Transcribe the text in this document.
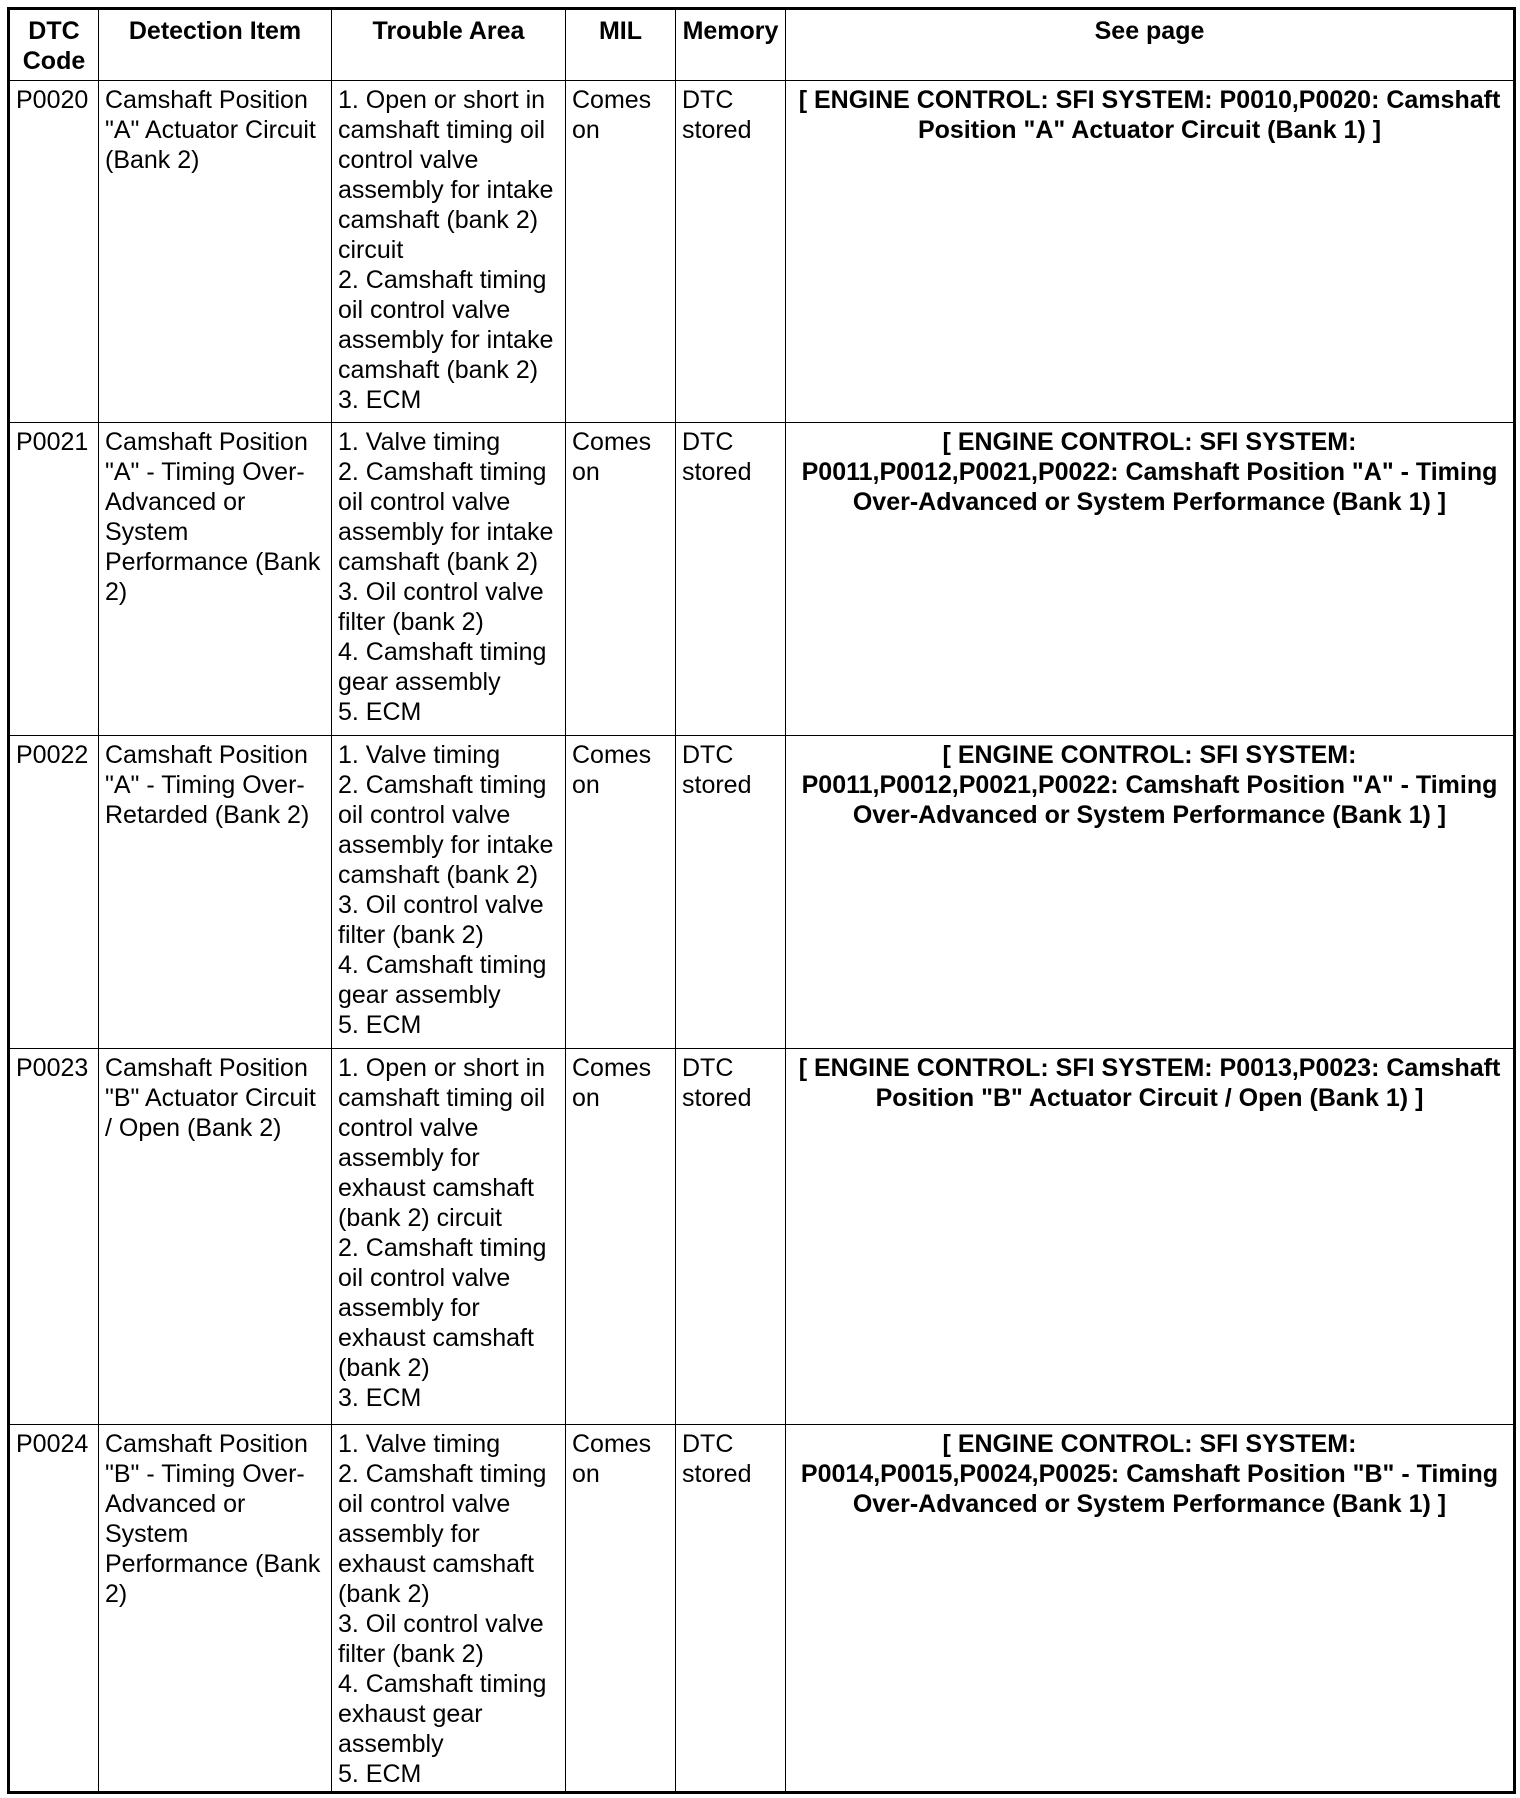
DTC Code	Detection Item	Trouble Area	MIL	Memory	See page
P0020	Camshaft Position "A" Actuator Circuit (Bank 2)	1. Open or short in camshaft timing oil control valve assembly for intake camshaft (bank 2) circuit
2. Camshaft timing oil control valve assembly for intake camshaft (bank 2)
3. ECM	Comes on	DTC stored	[ ENGINE CONTROL: SFI SYSTEM: P0010,P0020: Camshaft Position "A" Actuator Circuit (Bank 1) ]
P0021	Camshaft Position "A" - Timing Over-Advanced or System Performance (Bank 2)	1. Valve timing
2. Camshaft timing oil control valve assembly for intake camshaft (bank 2)
3. Oil control valve filter (bank 2)
4. Camshaft timing gear assembly
5. ECM	Comes on	DTC stored	[ ENGINE CONTROL: SFI SYSTEM: P0011,P0012,P0021,P0022: Camshaft Position "A" - Timing Over-Advanced or System Performance (Bank 1) ]
P0022	Camshaft Position "A" - Timing Over-Retarded (Bank 2)	1. Valve timing
2. Camshaft timing oil control valve assembly for intake camshaft (bank 2)
3. Oil control valve filter (bank 2)
4. Camshaft timing gear assembly
5. ECM	Comes on	DTC stored	[ ENGINE CONTROL: SFI SYSTEM: P0011,P0012,P0021,P0022: Camshaft Position "A" - Timing Over-Advanced or System Performance (Bank 1) ]
P0023	Camshaft Position "B" Actuator Circuit / Open (Bank 2)	1. Open or short in camshaft timing oil control valve assembly for exhaust camshaft (bank 2) circuit
2. Camshaft timing oil control valve assembly for exhaust camshaft (bank 2)
3. ECM	Comes on	DTC stored	[ ENGINE CONTROL: SFI SYSTEM: P0013,P0023: Camshaft Position "B" Actuator Circuit / Open (Bank 1) ]
P0024	Camshaft Position "B" - Timing Over-Advanced or System Performance (Bank 2)	1. Valve timing
2. Camshaft timing oil control valve assembly for exhaust camshaft (bank 2)
3. Oil control valve filter (bank 2)
4. Camshaft timing exhaust gear assembly
5. ECM	Comes on	DTC stored	[ ENGINE CONTROL: SFI SYSTEM: P0014,P0015,P0024,P0025: Camshaft Position "B" - Timing Over-Advanced or System Performance (Bank 1) ]
